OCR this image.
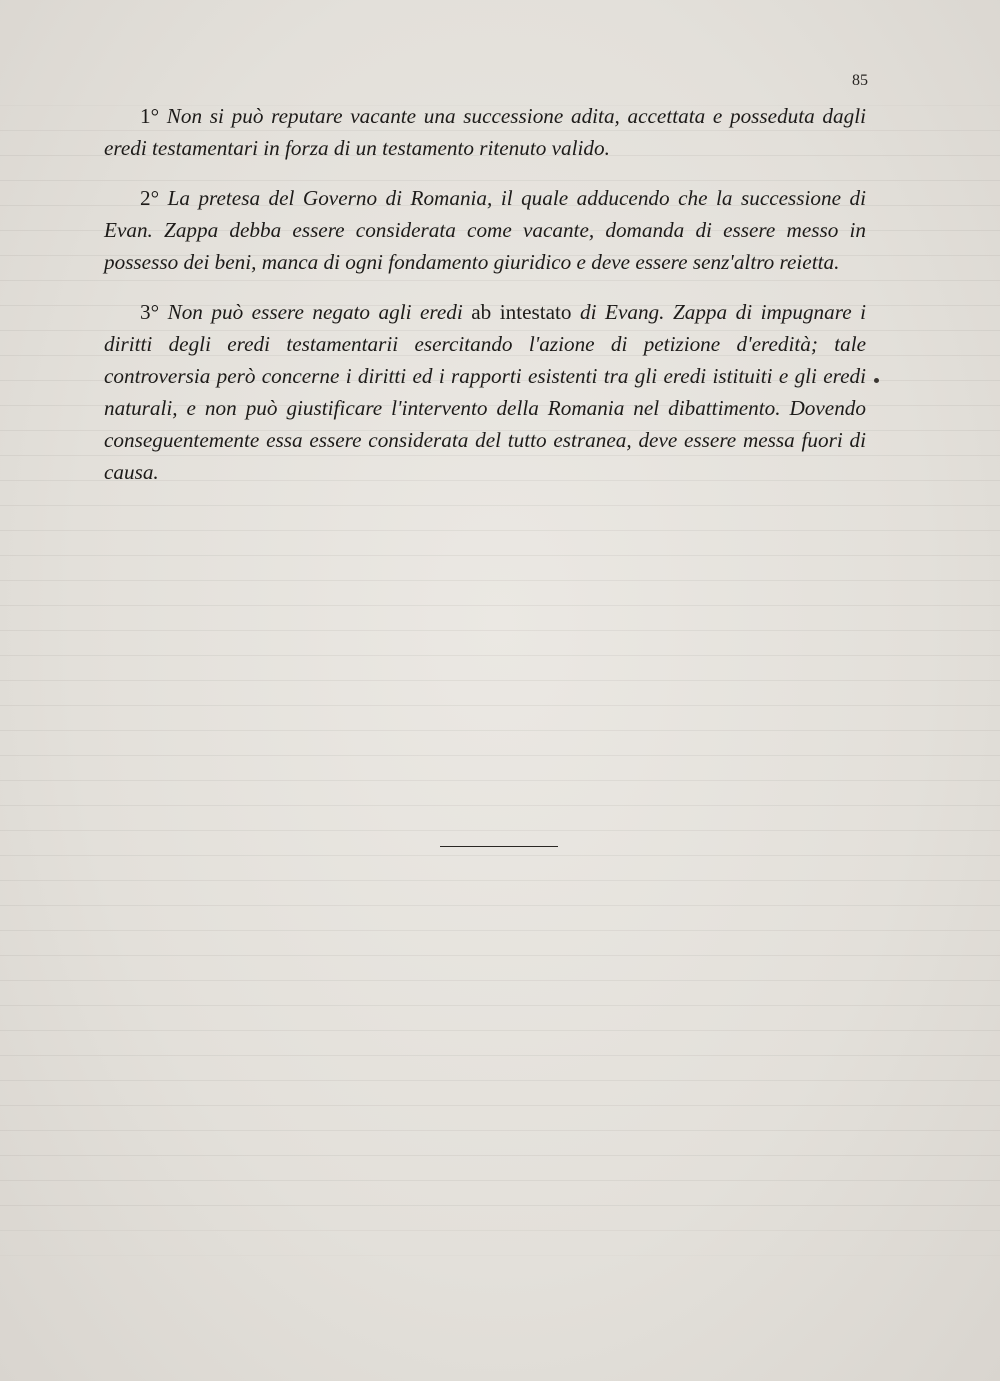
85

1° Non si può reputare vacante una successione adita, accettata e posseduta dagli eredi testamentari in forza di un testamento ritenuto valido.

2° La pretesa del Governo di Romania, il quale adducendo che la successione di Evan. Zappa debba essere considerata come vacante, domanda di essere messo in possesso dei beni, manca di ogni fondamento giuridico e deve essere senz'altro reietta.

3° Non può essere negato agli eredi ab intestato di Evang. Zappa di impugnare i diritti degli eredi testamentarii esercitando l'azione di petizione d'eredità; tale controversia però concerne i diritti ed i rapporti esistenti tra gli eredi istituiti e gli eredi naturali, e non può giustificare l'intervento della Romania nel dibattimento. Dovendo conseguentemente essa essere considerata del tutto estranea, deve essere messa fuori di causa.
